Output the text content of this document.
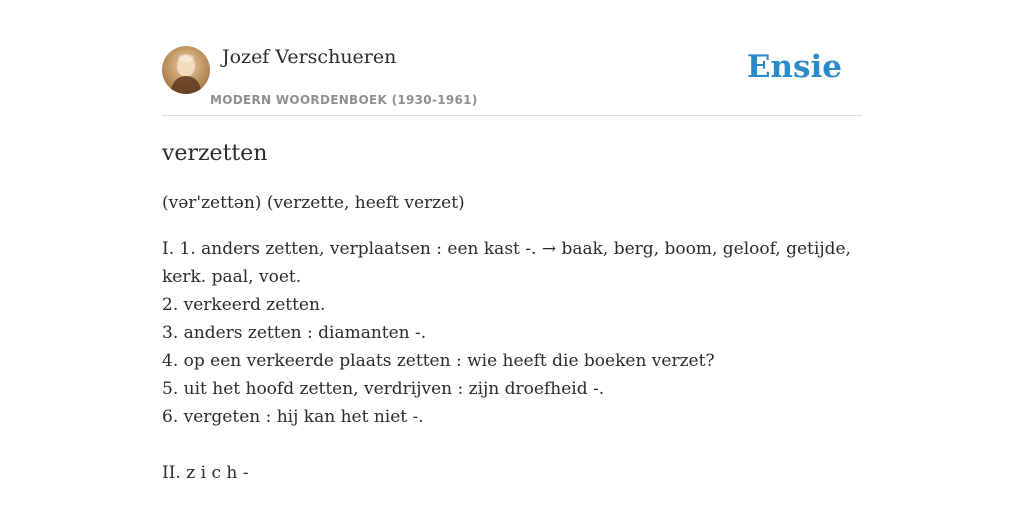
Jozef Verschueren
MODERN WOORDENBOEK (1930-1961)
Ensie
verzetten

(vər'zettən) (verzette, heeft verzet)

I. 1. anders zetten, verplaatsen : een kast -. → baak, berg, boom, geloof, getijde,

kerk. paal, voet.

2. verkeerd zetten.

3. anders zetten : diamanten -.

4. op een verkeerde plaats zetten : wie heeft die boeken verzet?

5. uit het hoofd zetten, verdrijven : zijn droefheid -.

6. vergeten : hij kan het niet -.

II. z i c h -
